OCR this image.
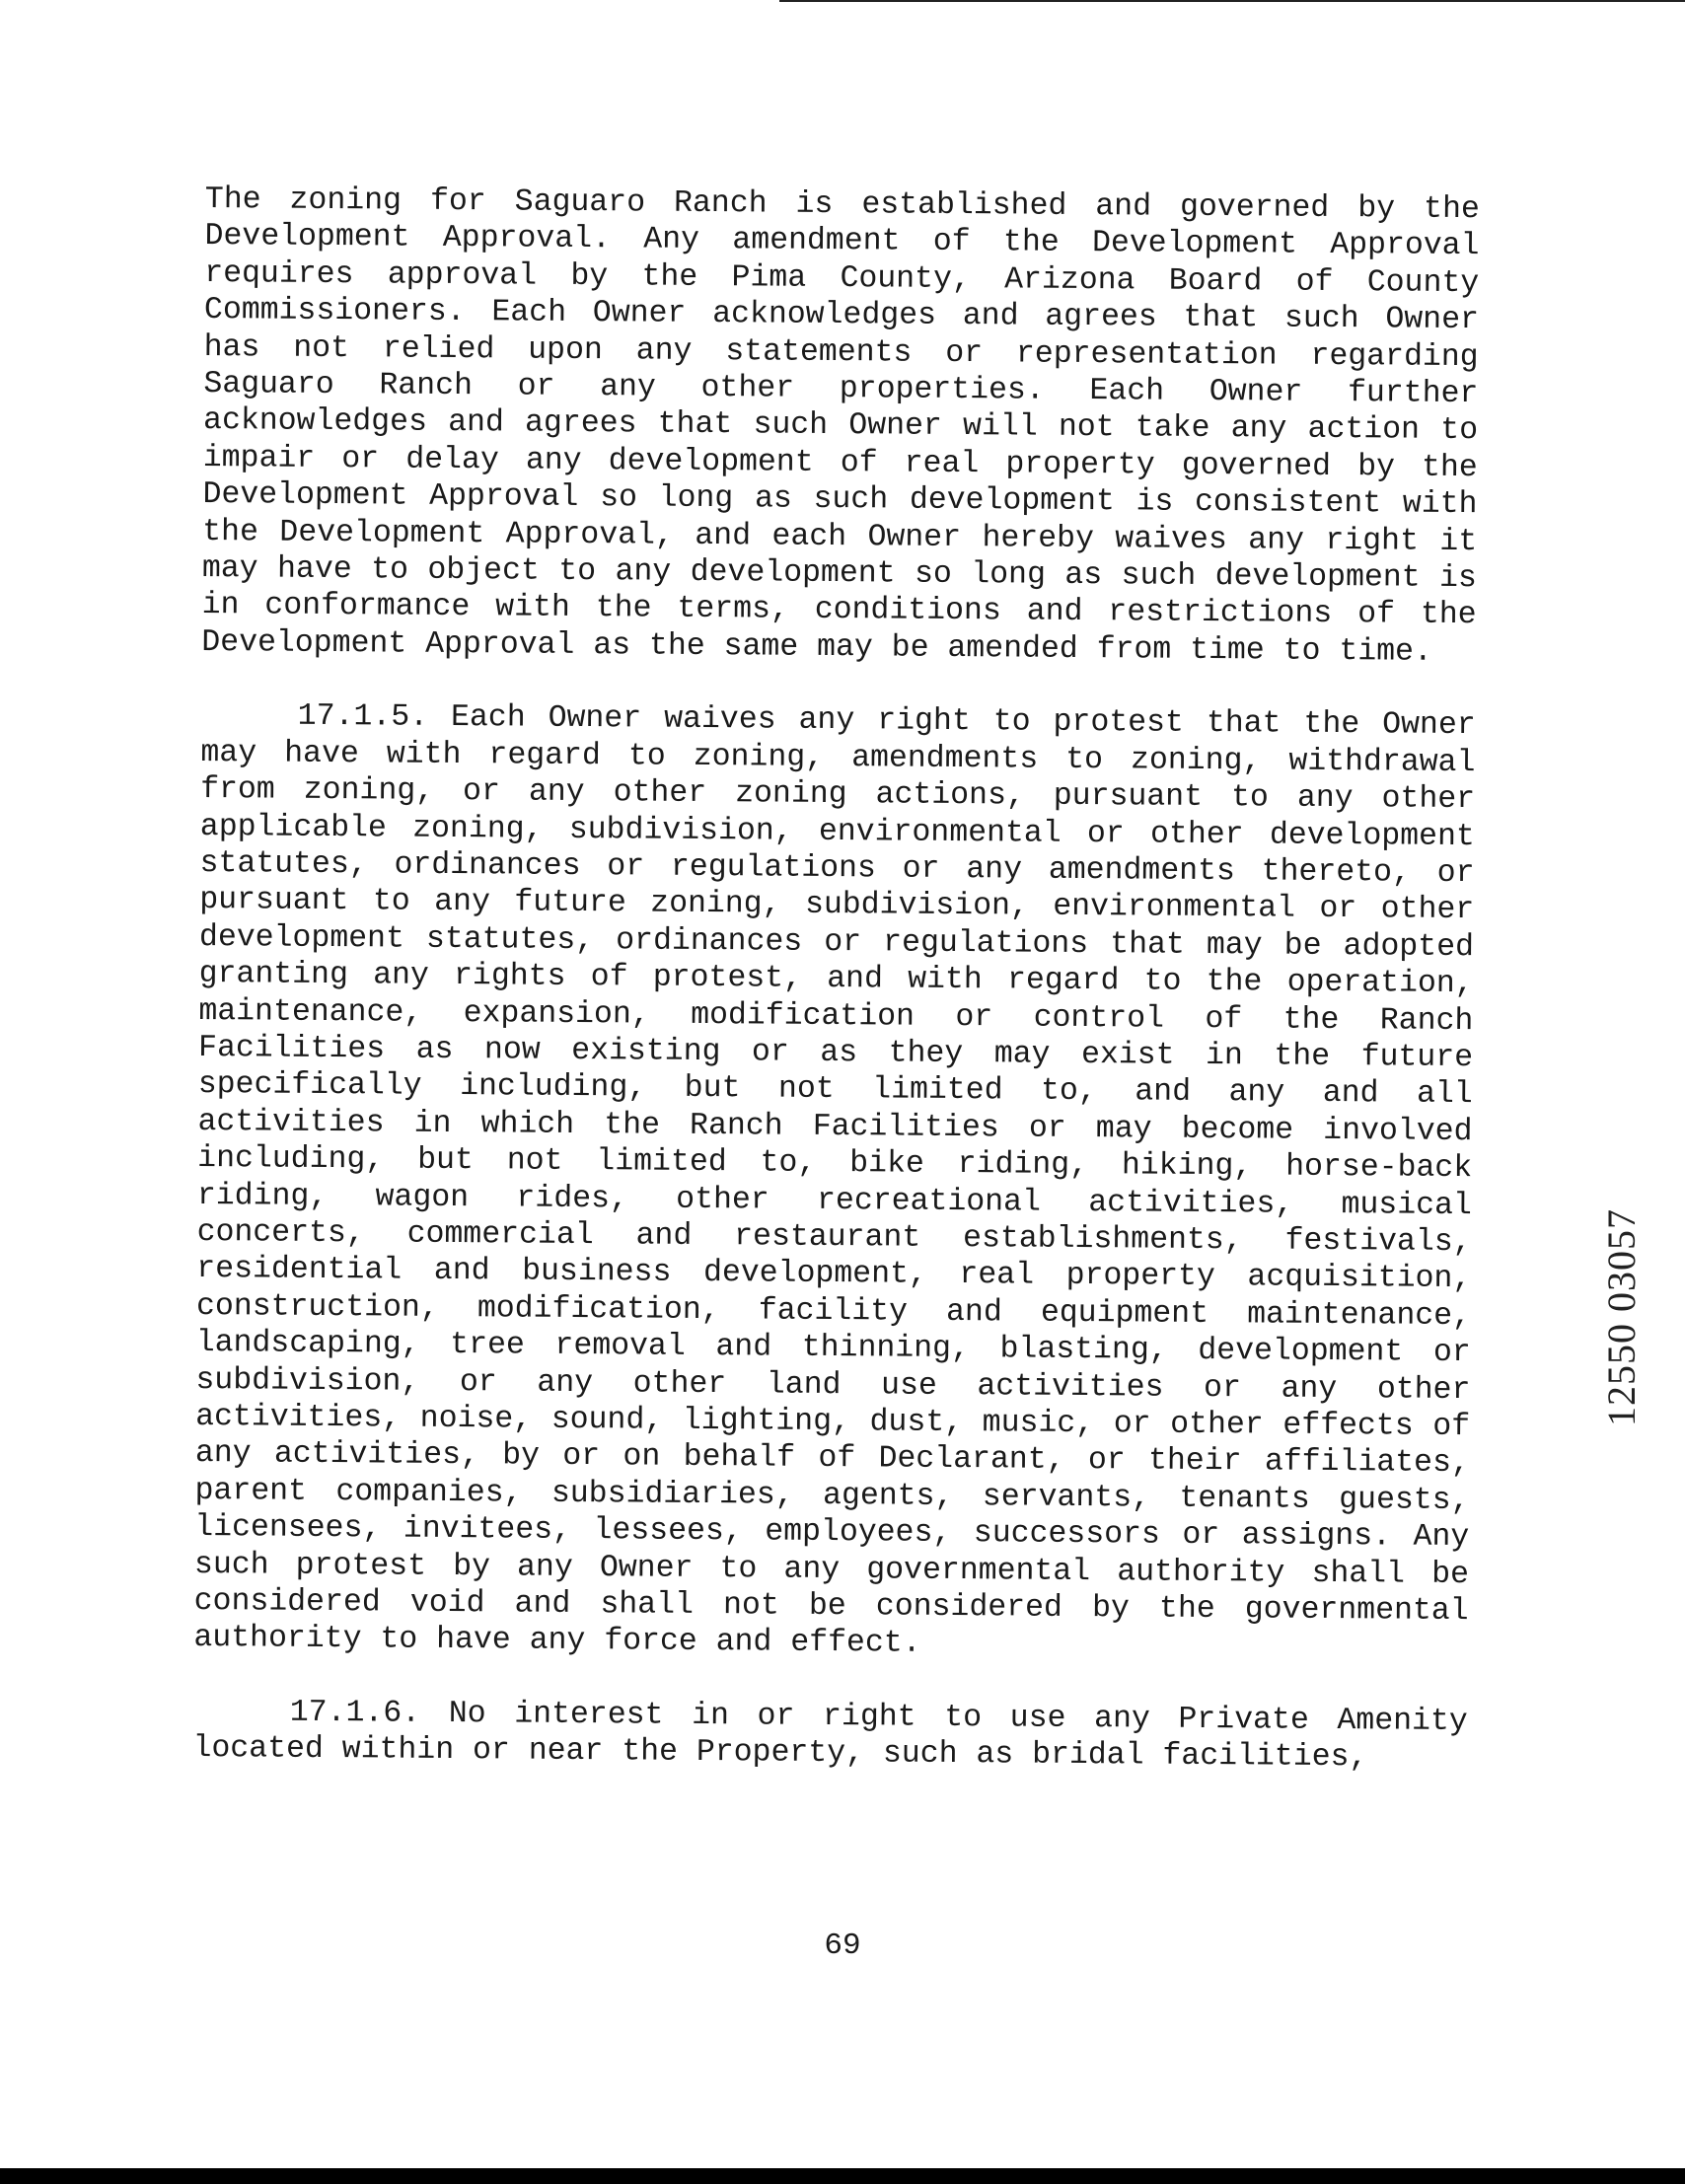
The zoning for Saguaro Ranch is established and governed by the Development Approval. Any amendment of the Development Approval requires approval by the Pima County, Arizona Board of County Commissioners. Each Owner acknowledges and agrees that such Owner has not relied upon any statements or representation regarding Saguaro Ranch or any other properties. Each Owner further acknowledges and agrees that such Owner will not take any action to impair or delay any development of real property governed by the Development Approval so long as such development is consistent with the Development Approval, and each Owner hereby waives any right it may have to object to any development so long as such development is in conformance with the terms, conditions and restrictions of the Development Approval as the same may be amended from time to time.

17.1.5. Each Owner waives any right to protest that the Owner may have with regard to zoning, amendments to zoning, withdrawal from zoning, or any other zoning actions, pursuant to any other applicable zoning, subdivision, environmental or other development statutes, ordinances or regulations or any amendments thereto, or pursuant to any future zoning, subdivision, environmental or other development statutes, ordinances or regulations that may be adopted granting any rights of protest, and with regard to the operation, maintenance, expansion, modification or control of the Ranch Facilities as now existing or as they may exist in the future specifically including, but not limited to, and any and all activities in which the Ranch Facilities or may become involved including, but not limited to, bike riding, hiking, horse-back riding, wagon rides, other recreational activities, musical concerts, commercial and restaurant establishments, festivals, residential and business development, real property acquisition, construction, modification, facility and equipment maintenance, landscaping, tree removal and thinning, blasting, development or subdivision, or any other land use activities or any other activities, noise, sound, lighting, dust, music, or other effects of any activities, by or on behalf of Declarant, or their affiliates, parent companies, subsidiaries, agents, servants, tenants guests, licensees, invitees, lessees, employees, successors or assigns. Any such protest by any Owner to any governmental authority shall be considered void and shall not be considered by the governmental authority to have any force and effect.

17.1.6. No interest in or right to use any Private Amenity located within or near the Property, such as bridal facilities,

69
12550 03057
